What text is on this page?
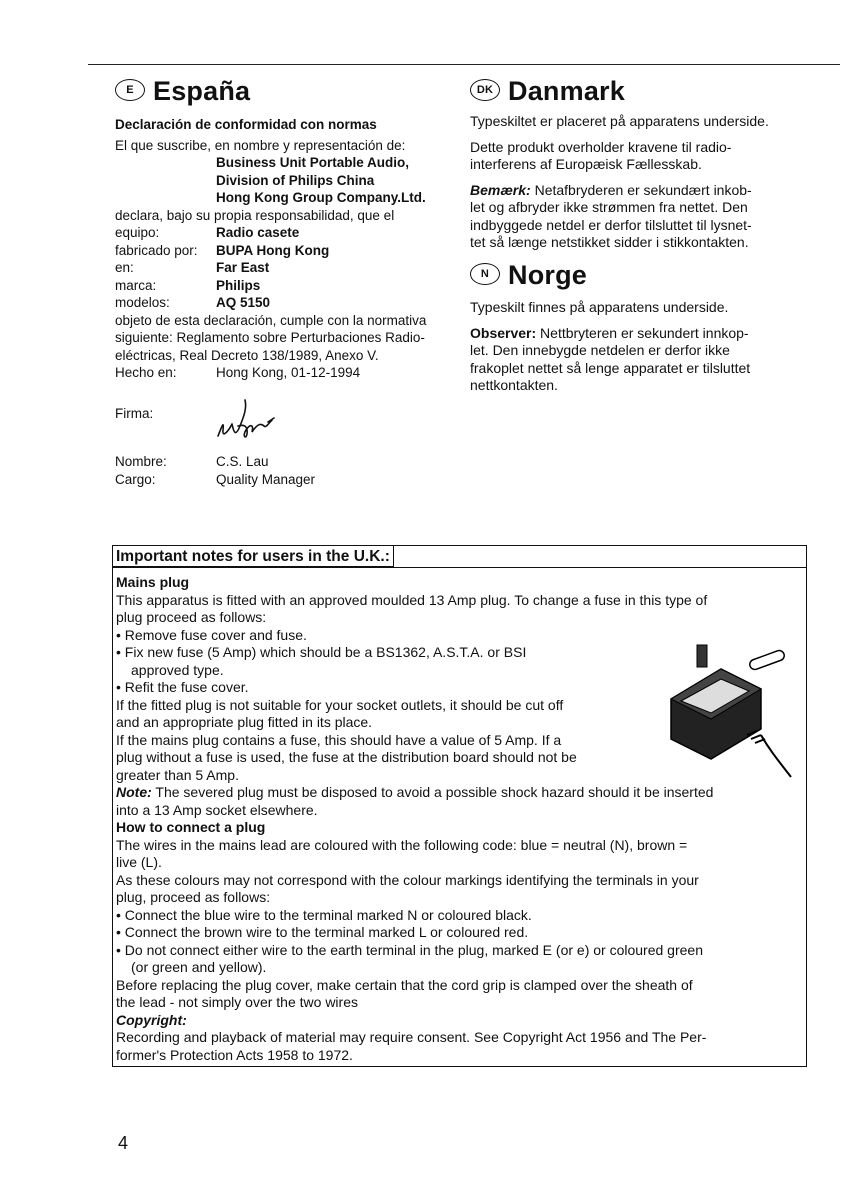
E España
Declaración de conformidad con normas
El que suscribe, en nombre y representación de:
Business Unit Portable Audio,
Division of Philips China
Hong Kong Group Company.Ltd.
declara, bajo su propia responsabilidad, que el
equipo:	Radio casete
fabricado por: BUPA Hong Kong
en:	Far East
marca:	Philips
modelos:	AQ 5150
objeto de esta declaración, cumple con la normativa
siguiente: Reglamento sobre Perturbaciones Radio-
eléctricas, Real Decreto 138/1989, Anexo V.
Hecho en:	Hong Kong, 01-12-1994
Firma:
Nombre:	C.S. Lau
Cargo:	Quality Manager
DK Danmark
Typeskiltet er placeret på apparatens underside.
Dette produkt overholder kravene til radio-
interferens af Europæisk Fællesskab.
Bemærk: Netafbryderen er sekundært inkob-
let og afbryder ikke strømmen fra nettet. Den
indbyggede netdel er derfor tilsluttet til lysnet-
tet så længe netstikket sidder i stikkontakten.
N Norge
Typeskilt finnes på apparatens underside.
Observer: Nettbryteren er sekundert innkop-
let. Den innebygde netdelen er derfor ikke
frakoplet nettet så lenge apparatet er tilsluttet
nettkontakten.
Important notes for users in the U.K.:
Mains plug
This apparatus is fitted with an approved moulded 13 Amp plug. To change a fuse in this type of
plug proceed as follows:
• Remove fuse cover and fuse.
• Fix new fuse (5 Amp) which should be a BS1362, A.S.T.A. or BSI
approved type.
• Refit the fuse cover.
If the fitted plug is not suitable for your socket outlets, it should be cut off
and an appropriate plug fitted in its place.
If the mains plug contains a fuse, this should have a value of 5 Amp. If a
plug without a fuse is used, the fuse at the distribution board should not be
greater than 5 Amp.
Note: The severed plug must be disposed to avoid a possible shock hazard should it be inserted
into a 13 Amp socket elsewhere.
How to connect a plug
The wires in the mains lead are coloured with the following code: blue = neutral (N), brown =
live (L).
As these colours may not correspond with the colour markings identifying the terminals in your
plug, proceed as follows:
• Connect the blue wire to the terminal marked N or coloured black.
• Connect the brown wire to the terminal marked L or coloured red.
• Do not connect either wire to the earth terminal in the plug, marked E (or e) or coloured green
(or green and yellow).
Before replacing the plug cover, make certain that the cord grip is clamped over the sheath of
the lead - not simply over the two wires
Copyright:
Recording and playback of material may require consent. See Copyright Act 1956 and The Per-
former's Protection Acts 1958 to 1972.
4
